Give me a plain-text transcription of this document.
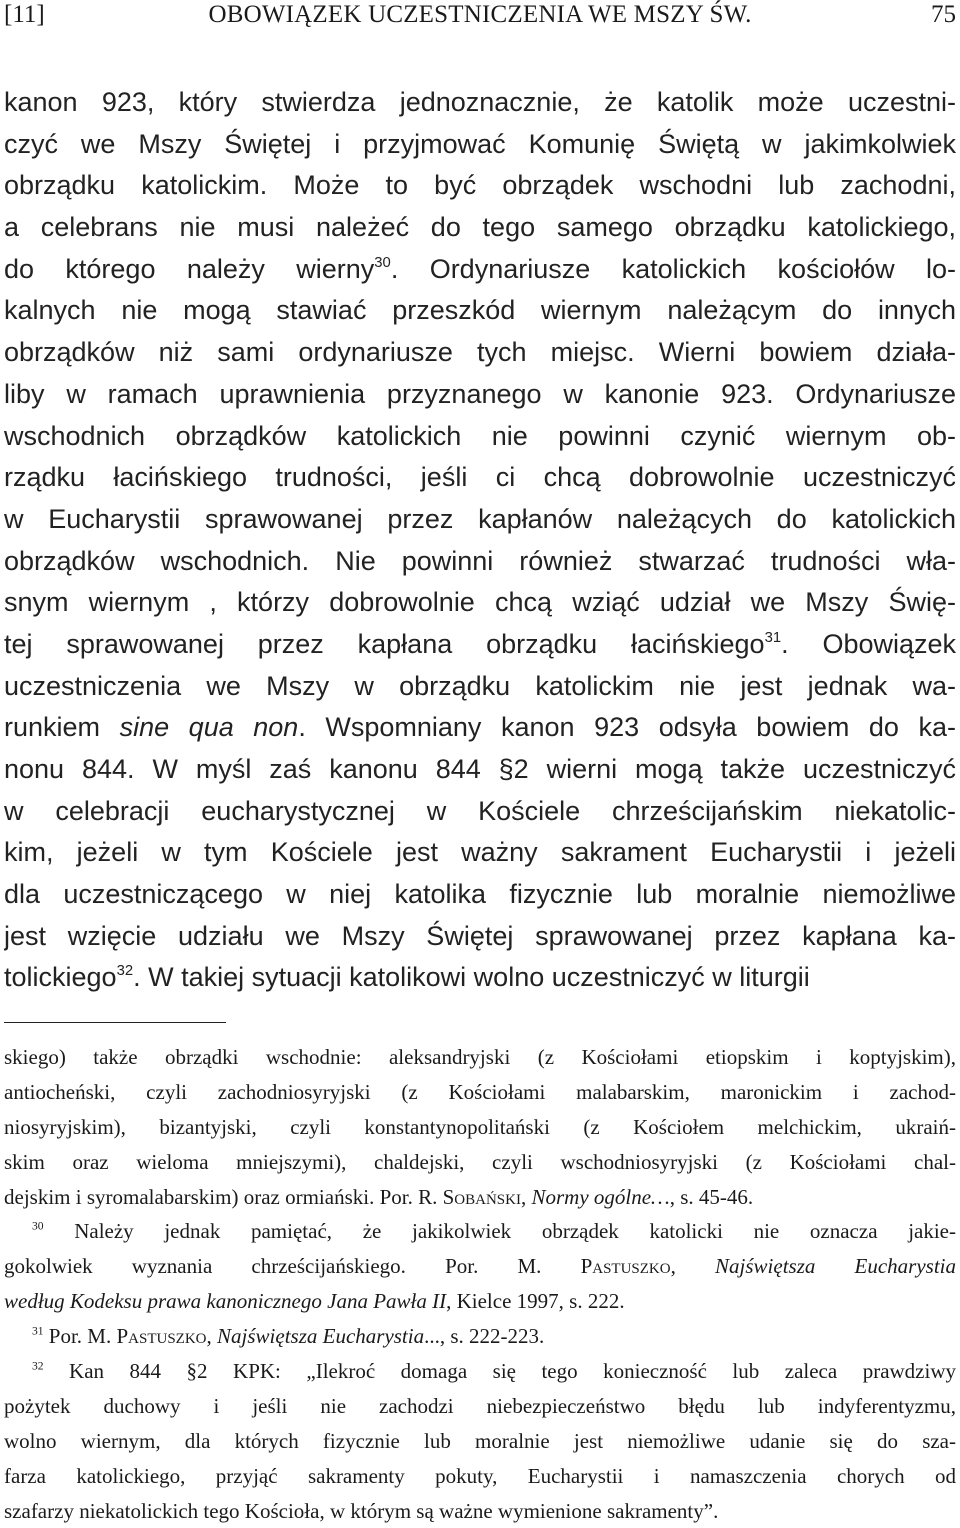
OBOWIĄZEK UCZESTNICZENIA WE MSZY ŚW.
[11]	75
kanon 923, który stwierdza jednoznacznie, że katolik może uczestni-
czyć we Mszy Świętej i przyjmować Komunię Świętą w jakimkolwiek
obrządku katolickim. Może to być obrządek wschodni lub zachodni,
a celebrans nie musi należeć do tego samego obrządku katolickiego,
do którego należy wierny$^{30}$. Ordynariusze katolickich kościołów lo-
kalnych nie mogą stawiać przeszkód wiernym należącym do innych
obrządków niż sami ordynariusze tych miejsc. Wierni bowiem działa-
liby w ramach uprawnienia przyznanego w kanonie 923. Ordynariusze
wschodnich obrządków katolickich nie powinni czynić wiernym ob-
rządku łacińskiego trudności, jeśli ci chcą dobrowolnie uczestniczyć
w Eucharystii sprawowanej przez kapłanów należących do katolickich
obrządków wschodnich. Nie powinni również stwarzać trudności wła-
snym wiernym , którzy dobrowolnie chcą wziąć udział we Mszy Świę-
tej sprawowanej przez kapłana obrządku łacińskiego$^{31}$. Obowiązek
uczestniczenia we Mszy w obrządku katolickim nie jest jednak wa-
runkiem sine qua non. Wspomniany kanon 923 odsyła bowiem do ka-
nonu 844. W myśl zaś kanonu 844 §2 wierni mogą także uczestniczyć
w celebracji eucharystycznej w Kościele chrześcijańskim niekatolic-
kim, jeżeli w tym Kościele jest ważny sakrament Eucharystii i jeżeli
dla uczestniczącego w niej katolika fizycznie lub moralnie niemożliwe
jest wzięcie udziału we Mszy Świętej sprawowanej przez kapłana ka-
tolickiego$^{32}$. W takiej sytuacji katolikowi wolno uczestniczyć w liturgii
skiego) także obrządki wschodnie: aleksandryjski (z Kościołami etiopskim i koptyjskim),
antiocheński, czyli zachodniosyryjski (z Kościołami malabarskim, maronickim i zachod-
niosyryjskim), bizantyjski, czyli konstantynopolitański (z Kościołem melchickim, ukraiń-
skim oraz wieloma mniejszymi), chaldejski, czyli wschodniosyryjski (z Kościołami chal-
dejskim i syromalabarskim) oraz ormiański. Por. R. Sobański, Normy ogólne…, s. 45-46.
$^{30}$ Należy jednak pamiętać, że jakikolwiek obrządek katolicki nie oznacza jakie-
gokolwiek wyznania chrześcijańskiego. Por. M. Pastuszko, Najświętsza Eucharystia
według Kodeksu prawa kanonicznego Jana Pawła II, Kielce 1997, s. 222.
$^{31}$ Por. M. Pastuszko, Najświętsza Eucharystia..., s. 222-223.
$^{32}$ Kan 844 §2 KPK: „Ilekroć domaga się tego konieczność lub zaleca prawdziwy
pożytek duchowy i jeśli nie zachodzi niebezpieczeństwo błędu lub indyferentyzmu,
wolno wiernym, dla których fizycznie lub moralnie jest niemożliwe udanie się do sza-
farza katolickiego, przyjąć sakramenty pokuty, Eucharystii i namaszczenia chorych od
szafarzy niekatolickich tego Kościoła, w którym są ważne wymienione sakramenty”.
